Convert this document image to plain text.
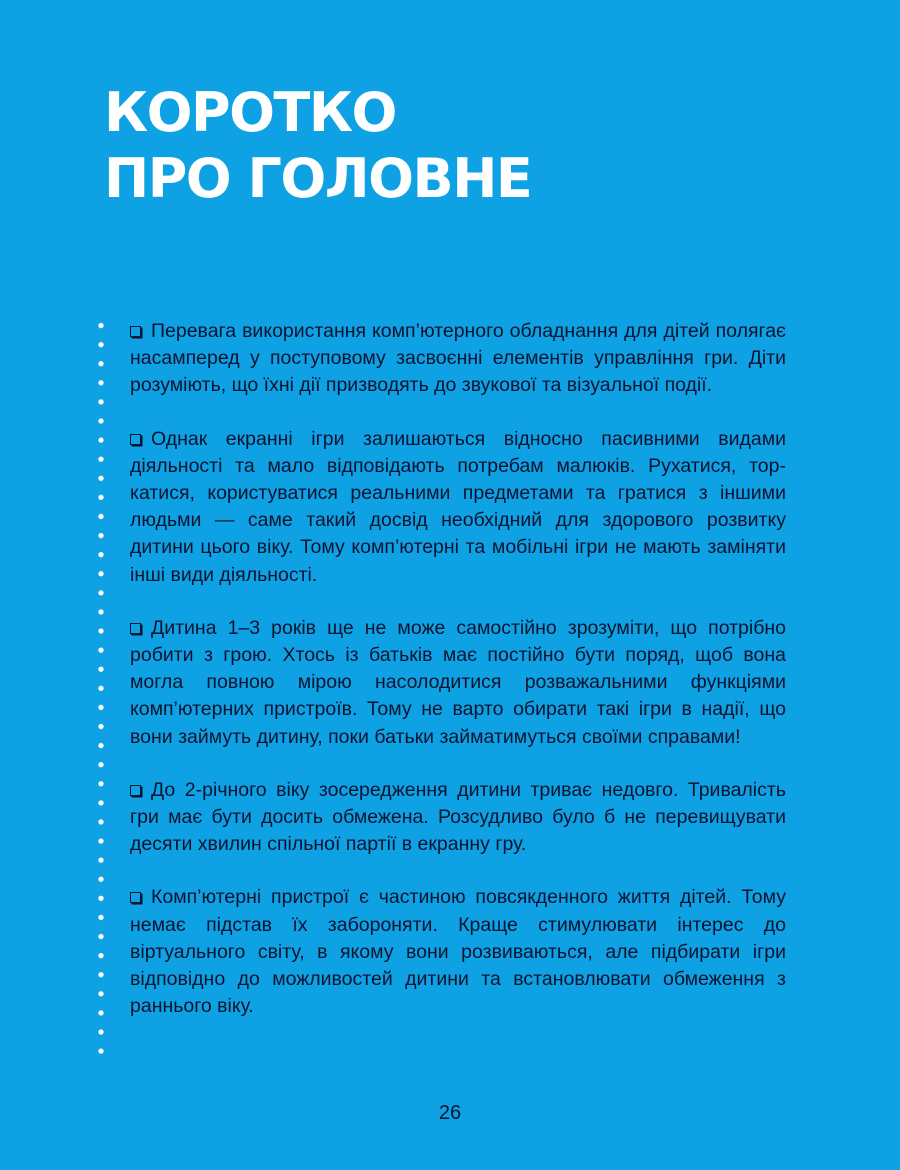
КОРОТКО
ПРО ГОЛОВНЕ

Перевага використання комп’ютерного обладнання для дітей полягає насамперед у поступовому засвоєнні елементів управління гри. Діти розуміють, що їхні дії призводять до звукової та візуальної події.

Однак екранні ігри залишаються відносно пасивними видами діяльності та мало відповідають потребам малюків. Рухатися, торкатися, користуватися реальними предметами та гратися з іншими людьми — саме такий досвід необхідний для здорового розвитку дитини цього віку. Тому комп’ютерні та мобільні ігри не мають заміняти інші види діяльності.

Дитина 1–3 років ще не може самостійно зрозуміти, що потрібно робити з грою. Хтось із батьків має постійно бути поряд, щоб вона могла повною мірою насолодитися розважальними функціями комп’ютерних пристроїв. Тому не варто обирати такі ігри в надії, що вони займуть дитину, поки батьки займатимуться своїми справами!

До 2-річного віку зосередження дитини триває недовго. Тривалість гри має бути досить обмежена. Розсудливо було б не перевищувати десяти хвилин спільної партії в екранну гру.

Комп’ютерні пристрої є частиною повсякденного життя дітей. Тому немає підстав їх забороняти. Краще стимулювати інтерес до віртуального світу, в якому вони розвиваються, але підбирати ігри відповідно до можливостей дитини та встановлювати обмеження з раннього віку.

26
